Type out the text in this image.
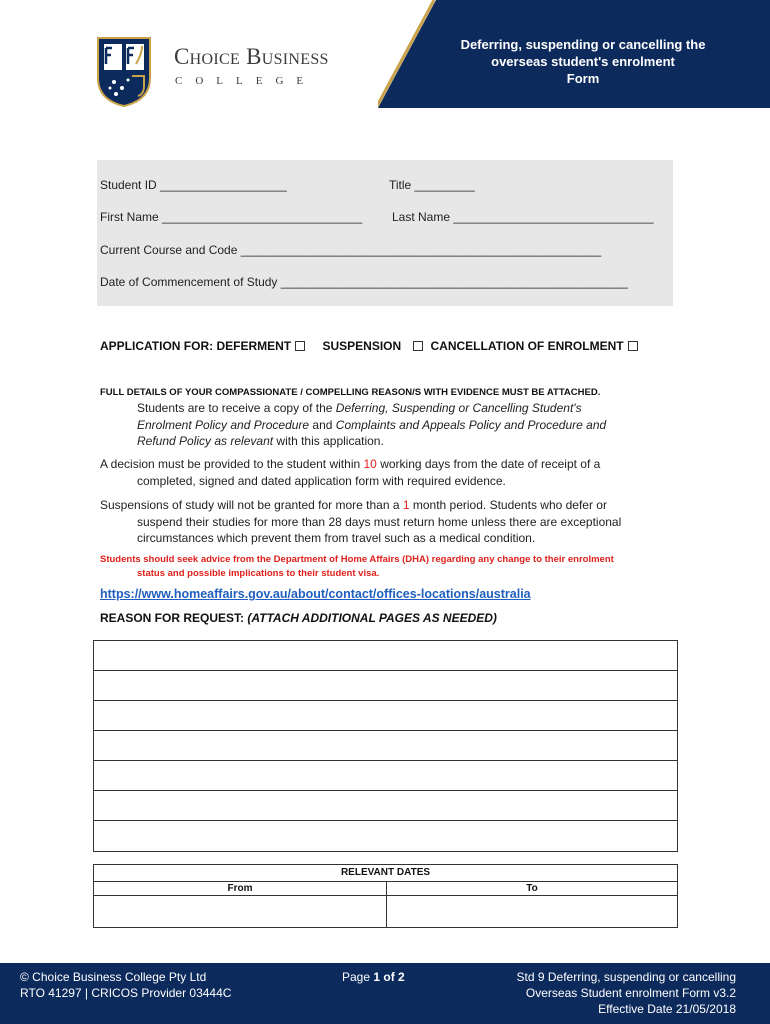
Deferring, suspending or cancelling the
overseas student's enrolment
Form
Choice Business
COLLEGE
Student ID ___________________	Title _________
First Name ______________________________ Last Name ______________________________
Current Course and Code ______________________________________________________
Date of Commencement of Study ____________________________________________________
APPLICATION FOR: DEFERMENT	SUSPENSION CANCELLATION OF ENROLMENT
FULL DETAILS OF YOUR COMPASSIONATE / COMPELLING REASON/S WITH EVIDENCE MUST BE ATTACHED.
Students are to receive a copy of the Deferring, Suspending or Cancelling Student's
Enrolment Policy and Procedure and Complaints and Appeals Policy and Procedure and
Refund Policy as relevant with this application.
A decision must be provided to the student within 10 working days from the date of receipt of a
completed, signed and dated application form with required evidence.
Suspensions of study will not be granted for more than a 1 month period. Students who defer or
suspend their studies for more than 28 days must return home unless there are exceptional
circumstances which prevent them from travel such as a medical condition.
Students should seek advice from the Department of Home Affairs (DHA) regarding any change to their enrolment
status and possible implications to their student visa.
https://www.homeaffairs.gov.au/about/contact/offices-locations/australia
REASON FOR REQUEST: (ATTACH ADDITIONAL PAGES AS NEEDED)
RELEVANT DATES
From	To
© Choice Business College Pty Ltd
RTO 41297 | CRICOS Provider 03444C
Page 1 of 2	Std 9 Deferring, suspending or cancelling
Overseas Student enrolment Form v3.2
Effective Date 21/05/2018
